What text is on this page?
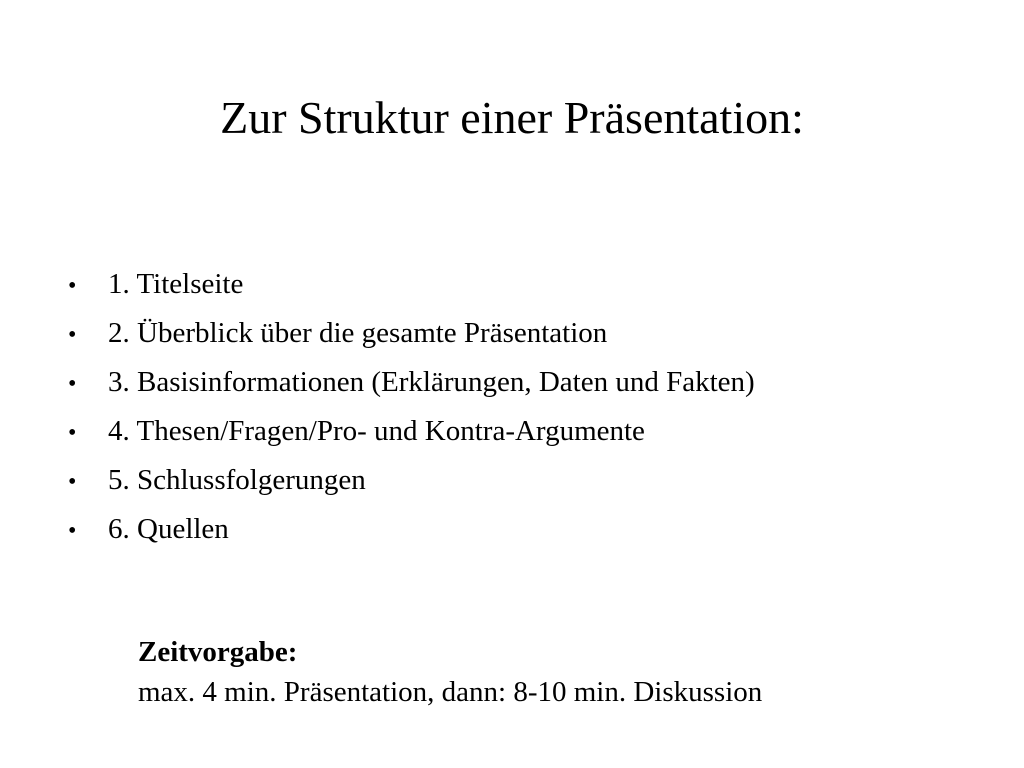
Zur Struktur einer Präsentation:
•	1. Titelseite
•	2. Überblick über die gesamte Präsentation
•	3. Basisinformationen (Erklärungen, Daten und Fakten)
•	4. Thesen/Fragen/Pro- und Kontra-Argumente
•	5. Schlussfolgerungen
•	6. Quellen
Zeitvorgabe:
max. 4 min. Präsentation, dann: 8-10 min. Diskussion
